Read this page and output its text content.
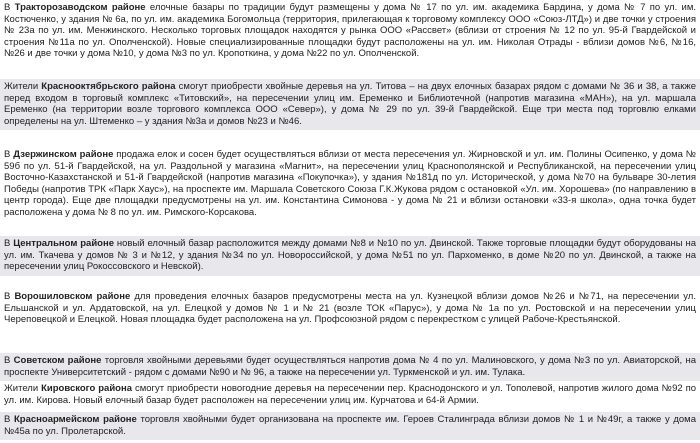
В Тракторозаводском районе елочные базары по традиции будут размещены у дома № 17 по ул. им. академика Бардина, у дома № 7 по ул. им. Костюченко, у здания № 6а, по ул. им. академика Богомольца (территория, прилегающая к торговому комплексу ООО «Союз-ЛТД») и две точки у строения № 23а по ул. им. Менжинского. Несколько торговых площадок находятся у рынка ООО «Рассвет» (вблизи от строения № 12 по ул. 95-й Гвардейской и строения №11а по ул. Ополченской). Новые специализированные площадки будут расположены на ул. им. Николая Отрады - вблизи домов №6, №16, №26 и две точки у дома №10, у дома №3 по ул. Кропоткина, у дома №22 по ул. Ополченской.

Жители Краснооктябрьского района смогут приобрести хвойные деревья на ул. Титова – на двух елочных базарах рядом с домами № 36 и 38, а также перед входом в торговый комплекс «Титовский», на пересечении улиц им. Еременко и Библиотечной (напротив магазина «МАН»), на ул. маршала Еременко (на территории возле торгового комплекса ООО «Север»), у дома № 29 по ул. 39-й Гвардейской. Еще три места под торговлю елками определены на ул. Штеменко – у здания №3а и домов №23 и №46.

В Дзержинском районе продажа елок и сосен будет осуществляться вблизи от места пересечения ул. Жирновской и ул. им. Полины Осипенко, у дома № 59б по ул. 51-й Гвардейской, на ул. Раздольной у магазина «Магнит», на пересечении улиц Краснополянской и Республиканской, на пересечении улиц Восточно-Казахстанской и 51-й Гвардейской (напротив магазина «Покупочка»), у здания №181д по ул. Исторической, у дома №70 на бульваре 30-летия Победы (напротив ТРК «Парк Хаус»), на проспекте им. Маршала Советского Союза Г.К.Жукова рядом с остановкой «Ул. им. Хорошева» (по направлению в центр города). Еще две площадки предусмотрены на ул. им. Константина Симонова - у дома № 21 и вблизи остановки «33-я школа», одна точка будет расположена у дома № 8 по ул. им. Римского-Корсакова.

В Центральном районе новый елочный базар расположится между домами №8 и №10 по ул. Двинской. Также торговые площадки будут оборудованы на ул. им. Ткачева у домов № 3 и №12, у здания №34 по ул. Новороссийской, у дома №51 по ул. Пархоменко, в доме №20 по ул. Двинской, а также на пересечении улиц Рокоссовского и Невской).

В Ворошиловском районе для проведения елочных базаров предусмотрены места на ул. Кузнецкой вблизи домов №26 и №71, на пересечении ул. Ельшанской и ул. Ардатовской, на ул. Елецкой у домов № 1 и № 21 (возле ТОК «Парус»), у дома № 1а по ул. Ростовской и на пересечении улиц Череповецкой и Елецкой. Новая площадка будет расположена на ул. Профсоюзной рядом с перекрестком с улицей Рабоче-Крестьянской.

В Советском районе торговля хвойными деревьями будет осуществляться напротив дома № 4 по ул. Малиновского, у дома №3 по ул. Авиаторской, на проспекте Университетский - рядом с домами №90 и № 96, а также на пересечении ул. Туркменской и ул. им. Тулака.

Жители Кировского района смогут приобрести новогодние деревья на пересечении пер. Краснодонского и ул. Тополевой, напротив жилого дома №92 по ул. им. Кирова. Новый елочный базар будет расположен на пересечении улиц им. Курчатова и 64-й Армии.

В Красноармейском районе торговля хвойными будет организована на проспекте им. Героев Сталинграда вблизи домов № 1 и №49г, а также у дома №45а по ул. Пролетарской.
